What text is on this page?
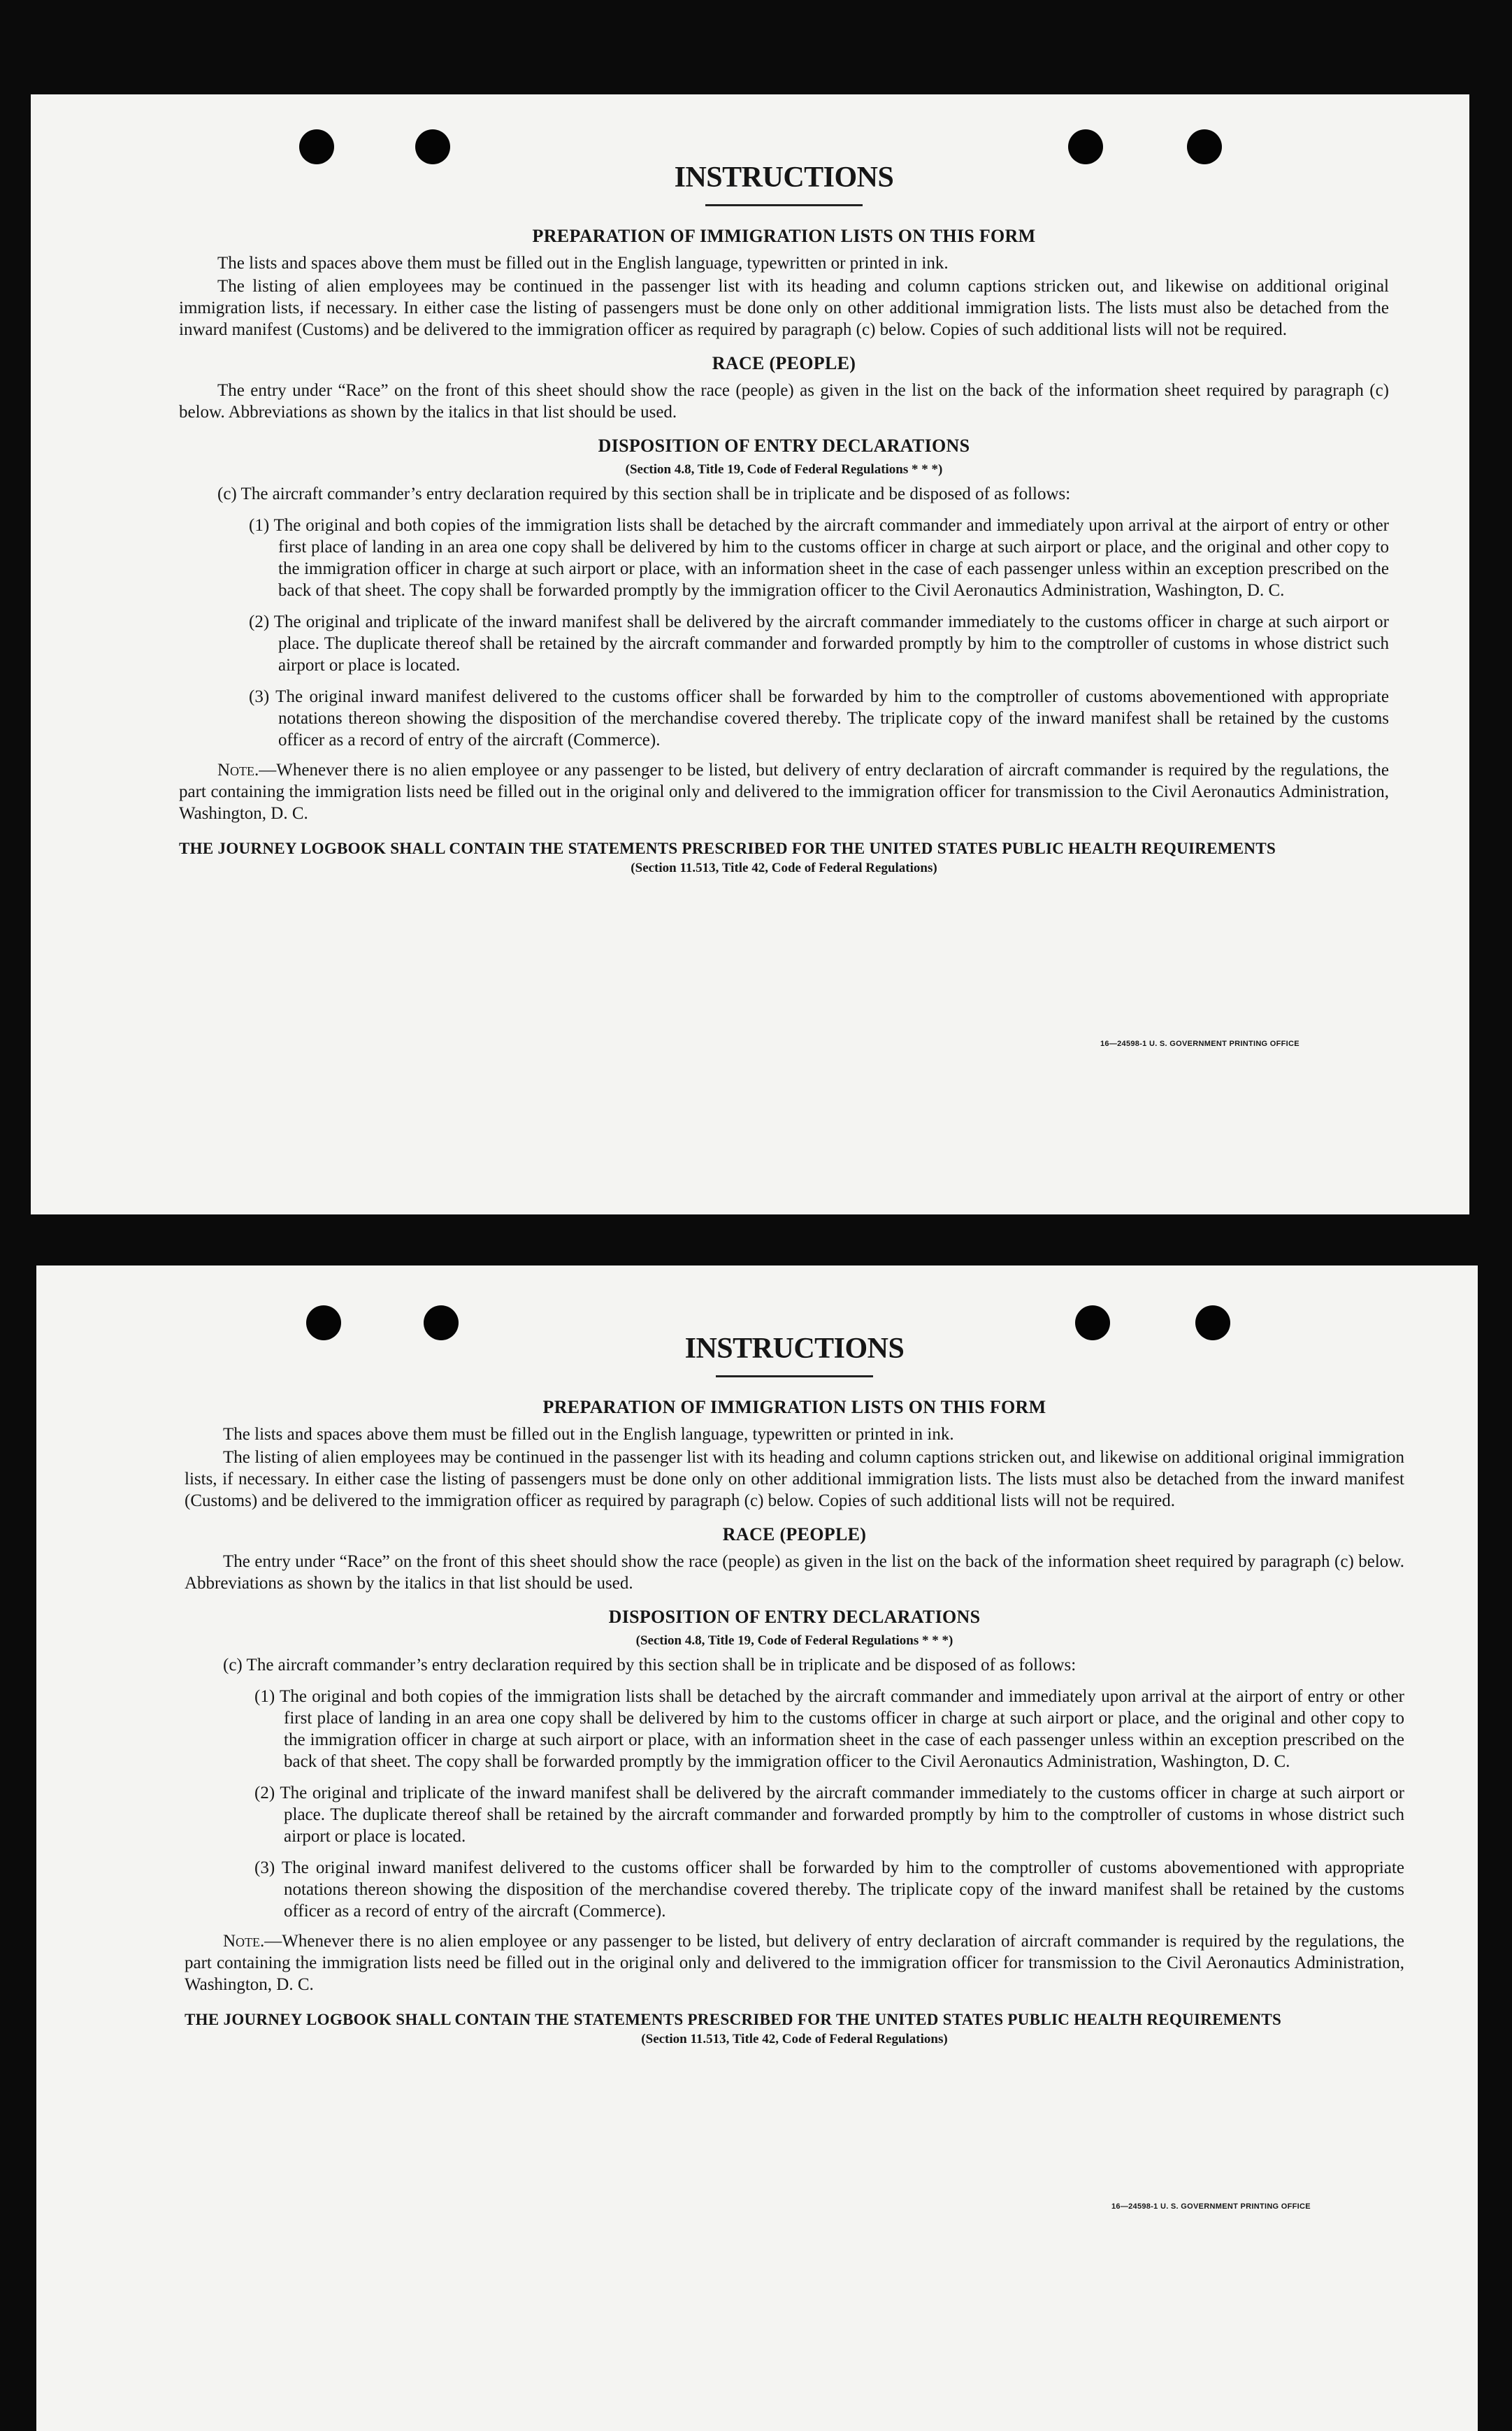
INSTRUCTIONS
PREPARATION OF IMMIGRATION LISTS ON THIS FORM

The lists and spaces above them must be filled out in the English language, typewritten or printed in ink.

The listing of alien employees may be continued in the passenger list with its heading and column captions stricken out, and likewise on additional original immigration lists, if necessary. In either case the listing of passengers must be done only on other additional immigration lists. The lists must also be detached from the inward manifest (Customs) and be delivered to the immigration officer as required by paragraph (c) below. Copies of such additional lists will not be required.

RACE (PEOPLE)

The entry under “Race” on the front of this sheet should show the race (people) as given in the list on the back of the information sheet required by paragraph (c) below. Abbreviations as shown by the italics in that list should be used.

DISPOSITION OF ENTRY DECLARATIONS
(Section 4.8, Title 19, Code of Federal Regulations * * *)
(c) The aircraft commander’s entry declaration required by this section shall be in triplicate and be disposed of as follows:
(1) The original and both copies of the immigration lists shall be detached by the aircraft commander and immediately upon arrival at the airport of entry or other first place of landing in an area one copy shall be delivered by him to the customs officer in charge at such airport or place, and the original and other copy to the immigration officer in charge at such airport or place, with an information sheet in the case of each passenger unless within an exception prescribed on the back of that sheet. The copy shall be forwarded promptly by the immigration officer to the Civil Aeronautics Administration, Washington, D. C.
(2) The original and triplicate of the inward manifest shall be delivered by the aircraft commander immediately to the customs officer in charge at such airport or place. The duplicate thereof shall be retained by the aircraft commander and forwarded promptly by him to the comptroller of customs in whose district such airport or place is located.
(3) The original inward manifest delivered to the customs officer shall be forwarded by him to the comptroller of customs abovementioned with appropriate notations thereon showing the disposition of the merchandise covered thereby. The triplicate copy of the inward manifest shall be retained by the customs officer as a record of entry of the aircraft (Commerce).

Note.—Whenever there is no alien employee or any passenger to be listed, but delivery of entry declaration of aircraft commander is required by the regulations, the part containing the immigration lists need be filled out in the original only and delivered to the immigration officer for transmission to the Civil Aeronautics Administration, Washington, D. C.

THE JOURNEY LOGBOOK SHALL CONTAIN THE STATEMENTS PRESCRIBED FOR THE UNITED STATES PUBLIC HEALTH REQUIREMENTS
(Section 11.513, Title 42, Code of Federal Regulations)
16—24598-1 U. S. GOVERNMENT PRINTING OFFICE
INSTRUCTIONS
PREPARATION OF IMMIGRATION LISTS ON THIS FORM

The lists and spaces above them must be filled out in the English language, typewritten or printed in ink.

The listing of alien employees may be continued in the passenger list with its heading and column captions stricken out, and likewise on additional original immigration lists, if necessary. In either case the listing of passengers must be done only on other additional immigration lists. The lists must also be detached from the inward manifest (Customs) and be delivered to the immigration officer as required by paragraph (c) below. Copies of such additional lists will not be required.

RACE (PEOPLE)

The entry under “Race” on the front of this sheet should show the race (people) as given in the list on the back of the information sheet required by paragraph (c) below. Abbreviations as shown by the italics in that list should be used.

DISPOSITION OF ENTRY DECLARATIONS
(Section 4.8, Title 19, Code of Federal Regulations * * *)
(c) The aircraft commander’s entry declaration required by this section shall be in triplicate and be disposed of as follows:
(1) The original and both copies of the immigration lists shall be detached by the aircraft commander and immediately upon arrival at the airport of entry or other first place of landing in an area one copy shall be delivered by him to the customs officer in charge at such airport or place, and the original and other copy to the immigration officer in charge at such airport or place, with an information sheet in the case of each passenger unless within an exception prescribed on the back of that sheet. The copy shall be forwarded promptly by the immigration officer to the Civil Aeronautics Administration, Washington, D. C.
(2) The original and triplicate of the inward manifest shall be delivered by the aircraft commander immediately to the customs officer in charge at such airport or place. The duplicate thereof shall be retained by the aircraft commander and forwarded promptly by him to the comptroller of customs in whose district such airport or place is located.
(3) The original inward manifest delivered to the customs officer shall be forwarded by him to the comptroller of customs abovementioned with appropriate notations thereon showing the disposition of the merchandise covered thereby. The triplicate copy of the inward manifest shall be retained by the customs officer as a record of entry of the aircraft (Commerce).

Note.—Whenever there is no alien employee or any passenger to be listed, but delivery of entry declaration of aircraft commander is required by the regulations, the part containing the immigration lists need be filled out in the original only and delivered to the immigration officer for transmission to the Civil Aeronautics Administration, Washington, D. C.

THE JOURNEY LOGBOOK SHALL CONTAIN THE STATEMENTS PRESCRIBED FOR THE UNITED STATES PUBLIC HEALTH REQUIREMENTS
(Section 11.513, Title 42, Code of Federal Regulations)
16—24598-1 U. S. GOVERNMENT PRINTING OFFICE
